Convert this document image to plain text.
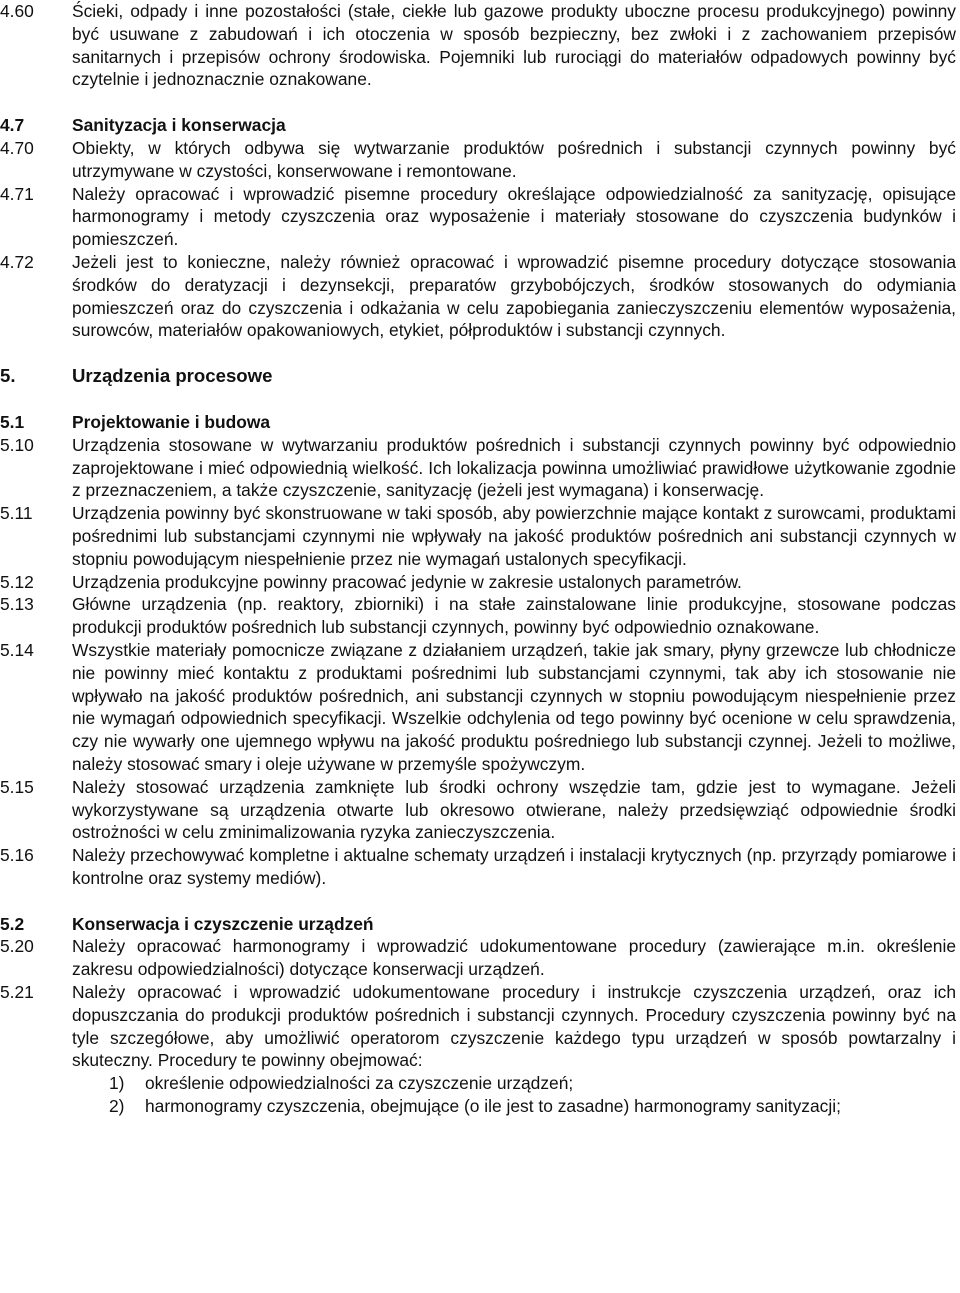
4.60 Ścieki, odpady i inne pozostałości (stałe, ciekłe lub gazowe produkty uboczne procesu produkcyjnego) powinny być usuwane z zabudowań i ich otoczenia w sposób bezpieczny, bez zwłoki i z zachowaniem przepisów sanitarnych i przepisów ochrony środowiska. Pojemniki lub rurociągi do materiałów odpadowych powinny być czytelnie i jednoznacznie oznakowane.
4.7	Sanityzacja i konserwacja
4.70 Obiekty, w których odbywa się wytwarzanie produktów pośrednich i substancji czynnych powinny być utrzymywane w czystości, konserwowane i remontowane.
4.71 Należy opracować i wprowadzić pisemne procedury określające odpowiedzialność za sanityzację, opisujące harmonogramy i metody czyszczenia oraz wyposażenie i materiały stosowane do czyszczenia budynków i pomieszczeń.
4.72 Jeżeli jest to konieczne, należy również opracować i wprowadzić pisemne procedury dotyczące stosowania środków do deratyzacji i dezynsekcji, preparatów grzybobójczych, środków stosowanych do odymiania pomieszczeń oraz do czyszczenia i odkażania w celu zapobiegania zanieczyszczeniu elementów wyposażenia, surowców, materiałów opakowaniowych, etykiet, półproduktów i substancji czynnych.
5.	Urządzenia procesowe
5.1	Projektowanie i budowa
5.10 Urządzenia stosowane w wytwarzaniu produktów pośrednich i substancji czynnych powinny być odpowiednio zaprojektowane i mieć odpowiednią wielkość. Ich lokalizacja powinna umożliwiać prawidłowe użytkowanie zgodnie z przeznaczeniem, a także czyszczenie, sanityzację (jeżeli jest wymagana) i konserwację.
5.11 Urządzenia powinny być skonstruowane w taki sposób, aby powierzchnie mające kontakt z surowcami, produktami pośrednimi lub substancjami czynnymi nie wpływały na jakość produktów pośrednich ani substancji czynnych w stopniu powodującym niespełnienie przez nie wymagań ustalonych specyfikacji.
5.12 Urządzenia produkcyjne powinny pracować jedynie w zakresie ustalonych parametrów.
5.13 Główne urządzenia (np. reaktory, zbiorniki) i na stałe zainstalowane linie produkcyjne, stosowane podczas produkcji produktów pośrednich lub substancji czynnych, powinny być odpowiednio oznakowane.
5.14 Wszystkie materiały pomocnicze związane z działaniem urządzeń, takie jak smary, płyny grzewcze lub chłodnicze nie powinny mieć kontaktu z produktami pośrednimi lub substancjami czynnymi, tak aby ich stosowanie nie wpływało na jakość produktów pośrednich, ani substancji czynnych w stopniu powodującym niespełnienie przez nie wymagań odpowiednich specyfikacji. Wszelkie odchylenia od tego powinny być ocenione w celu sprawdzenia, czy nie wywarły one ujemnego wpływu na jakość produktu pośredniego lub substancji czynnej. Jeżeli to możliwe, należy stosować smary i oleje używane w przemyśle spożywczym.
5.15 Należy stosować urządzenia zamknięte lub środki ochrony wszędzie tam, gdzie jest to wymagane. Jeżeli wykorzystywane są urządzenia otwarte lub okresowo otwierane, należy przedsięwziąć odpowiednie środki ostrożności w celu zminimalizowania ryzyka zanieczyszczenia.
5.16 Należy przechowywać kompletne i aktualne schematy urządzeń i instalacji krytycznych (np. przyrządy pomiarowe i kontrolne oraz systemy mediów).
5.2	Konserwacja i czyszczenie urządzeń
5.20 Należy opracować harmonogramy i wprowadzić udokumentowane procedury (zawierające m.in. określenie zakresu odpowiedzialności) dotyczące konserwacji urządzeń.
5.21 Należy opracować i wprowadzić udokumentowane procedury i instrukcje czyszczenia urządzeń, oraz ich dopuszczania do produkcji produktów pośrednich i substancji czynnych. Procedury czyszczenia powinny być na tyle szczegółowe, aby umożliwić operatorom czyszczenie każdego typu urządzeń w sposób powtarzalny i skuteczny. Procedury te powinny obejmować:
1) określenie odpowiedzialności za czyszczenie urządzeń;
2) harmonogramy czyszczenia, obejmujące (o ile jest to zasadne) harmonogramy sanityzacji;
